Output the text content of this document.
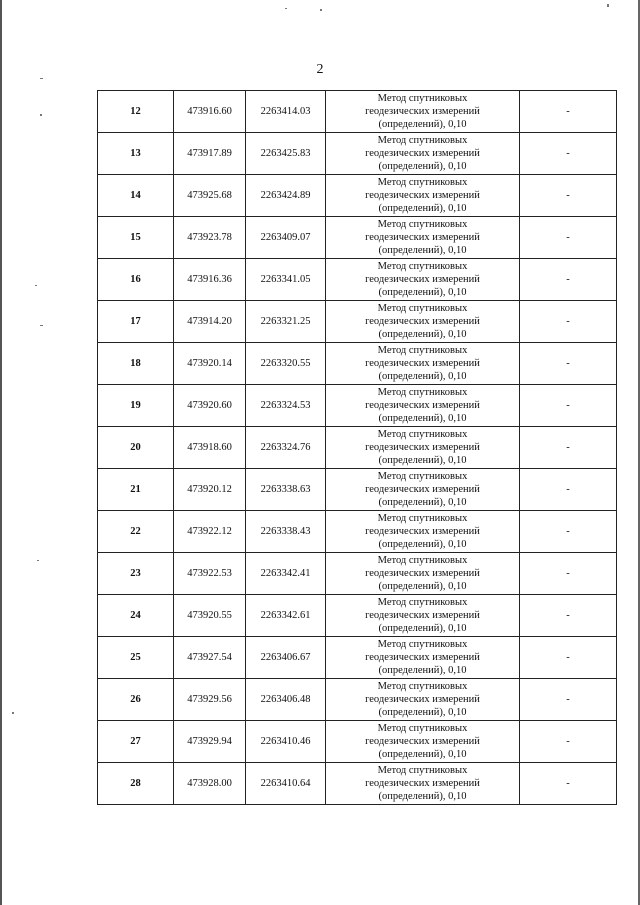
2
12	473916.60	2263414.03	Метод спутниковых
геодезических измерений
(определений), 0,10	-
13	473917.89	2263425.83	Метод спутниковых
геодезических измерений
(определений), 0,10	-
14	473925.68	2263424.89	Метод спутниковых
геодезических измерений
(определений), 0,10	-
15	473923.78	2263409.07	Метод спутниковых
геодезических измерений
(определений), 0,10	-
16	473916.36	2263341.05	Метод спутниковых
геодезических измерений
(определений), 0,10	-
17	473914.20	2263321.25	Метод спутниковых
геодезических измерений
(определений), 0,10	-
18	473920.14	2263320.55	Метод спутниковых
геодезических измерений
(определений), 0,10	-
19	473920.60	2263324.53	Метод спутниковых
геодезических измерений
(определений), 0,10	-
20	473918.60	2263324.76	Метод спутниковых
геодезических измерений
(определений), 0,10	-
21	473920.12	2263338.63	Метод спутниковых
геодезических измерений
(определений), 0,10	-
22	473922.12	2263338.43	Метод спутниковых
геодезических измерений
(определений), 0,10	-
23	473922.53	2263342.41	Метод спутниковых
геодезических измерений
(определений), 0,10	-
24	473920.55	2263342.61	Метод спутниковых
геодезических измерений
(определений), 0,10	-
25	473927.54	2263406.67	Метод спутниковых
геодезических измерений
(определений), 0,10	-
26	473929.56	2263406.48	Метод спутниковых
геодезических измерений
(определений), 0,10	-
27	473929.94	2263410.46	Метод спутниковых
геодезических измерений
(определений), 0,10	-
28	473928.00	2263410.64	Метод спутниковых
геодезических измерений
(определений), 0,10	-
